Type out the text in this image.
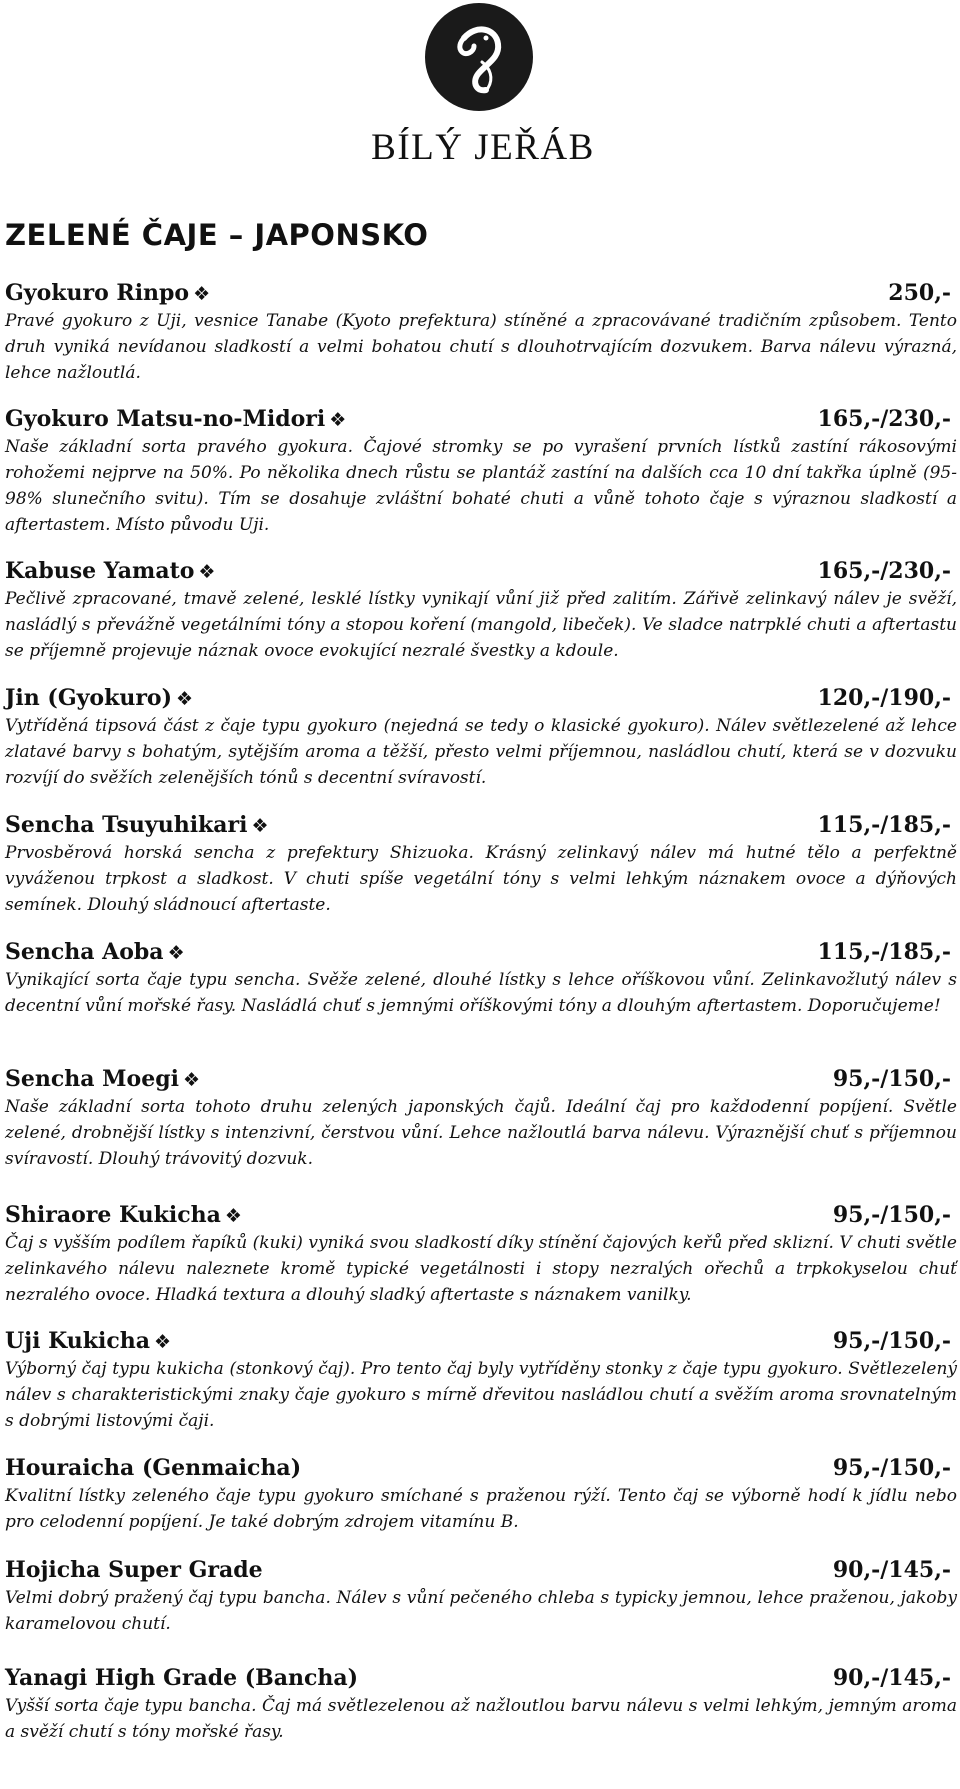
BÍLÝ JEŘÁB
ZELENÉ ČAJE – JAPONSKO
Gyokuro Rinpo ❖	250,-

Pravé gyokuro z Uji, vesnice Tanabe (Kyoto prefektura) stíněné a zpracovávané tradičním způsobem. Tento druh vyniká nevídanou sladkostí a velmi bohatou chutí s dlouhotrvajícím dozvukem. Barva nálevu výrazná, lehce nažloutlá.

Gyokuro Matsu-no-Midori ❖	165,-/230,-

Naše základní sorta pravého gyokura. Čajové stromky se po vyrašení prvních lístků zastíní rákosovými rohožemi nejprve na 50%. Po několika dnech růstu se plantáž zastíní na dalších cca 10 dní takřka úplně (95-98% slunečního svitu). Tím se dosahuje zvláštní bohaté chuti a vůně tohoto čaje s výraznou sladkostí a aftertastem. Místo původu Uji.

Kabuse Yamato ❖	165,-/230,-

Pečlivě zpracované, tmavě zelené, lesklé lístky vynikají vůní již před zalitím. Zářivě zelinkavý nálev je svěží, nasládlý s převážně vegetálními tóny a stopou koření (mangold, libeček). Ve sladce natrpklé chuti a aftertastu se příjemně projevuje náznak ovoce evokující nezralé švestky a kdoule.

Jin (Gyokuro) ❖	120,-/190,-

Vytříděná tipsová část z čaje typu gyokuro (nejedná se tedy o klasické gyokuro). Nálev světlezelené až lehce zlatavé barvy s bohatým, sytějším aroma a těžší, přesto velmi příjemnou, nasládlou chutí, která se v dozvuku rozvíjí do svěžích zelenějších tónů s decentní svíravostí.

Sencha Tsuyuhikari ❖	115,-/185,-

Prvosběrová horská sencha z prefektury Shizuoka. Krásný zelinkavý nálev má hutné tělo a perfektně vyváženou trpkost a sladkost. V chuti spíše vegetální tóny s velmi lehkým náznakem ovoce a dýňových semínek. Dlouhý sládnoucí aftertaste.

Sencha Aoba ❖	115,-/185,-

Vynikající sorta čaje typu sencha. Svěže zelené, dlouhé lístky s lehce oříškovou vůní. Zelinkavožlutý nálev s decentní vůní mořské řasy. Nasládlá chuť s jemnými oříškovými tóny a dlouhým aftertastem. Doporučujeme!

Sencha Moegi ❖	95,-/150,-

Naše základní sorta tohoto druhu zelených japonských čajů. Ideální čaj pro každodenní popíjení. Světle zelené, drobnější lístky s intenzivní, čerstvou vůní. Lehce nažloutlá barva nálevu. Výraznější chuť s příjemnou svíravostí. Dlouhý trávovitý dozvuk.

Shiraore Kukicha ❖	95,-/150,-

Čaj s vyšším podílem řapíků (kuki) vyniká svou sladkostí díky stínění čajových keřů před sklizní. V chuti světle zelinkavého nálevu naleznete kromě typické vegetálnosti i stopy nezralých ořechů a trpkokyselou chuť nezralého ovoce. Hladká textura a dlouhý sladký aftertaste s náznakem vanilky.

Uji Kukicha ❖	95,-/150,-

Výborný čaj typu kukicha (stonkový čaj). Pro tento čaj byly vytříděny stonky z čaje typu gyokuro. Světlezelený nálev s charakteristickými znaky čaje gyokuro s mírně dřevitou nasládlou chutí a svěžím aroma srovnatelným s dobrými listovými čaji.

Houraicha (Genmaicha)	95,-/150,-

Kvalitní lístky zeleného čaje typu gyokuro smíchané s praženou rýží. Tento čaj se výborně hodí k jídlu nebo pro celodenní popíjení. Je také dobrým zdrojem vitamínu B.

Hojicha Super Grade	90,-/145,-

Velmi dobrý pražený čaj typu bancha. Nálev s vůní pečeného chleba s typicky jemnou, lehce praženou, jakoby karamelovou chutí.

Yanagi High Grade (Bancha)	90,-/145,-

Vyšší sorta čaje typu bancha. Čaj má světlezelenou až nažloutlou barvu nálevu s velmi lehkým, jemným aroma a svěží chutí s tóny mořské řasy.
